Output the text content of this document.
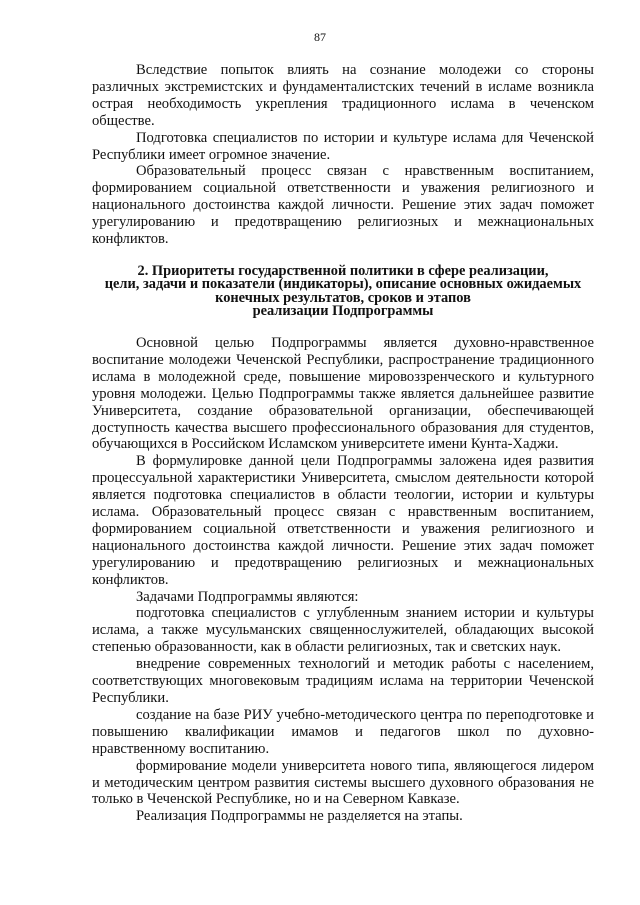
87

Вследствие попыток влиять на сознание молодежи со стороны различных экстремистских и фундаменталистских течений в исламе возникла острая необходимость укрепления традиционного ислама в чеченском обществе.

Подготовка специалистов по истории и культуре ислама для Чеченской Республики имеет огромное значение.

Образовательный процесс связан с нравственным воспитанием, формированием социальной ответственности и уважения религиозного и национального достоинства каждой личности. Решение этих задач поможет урегулированию и предотвращению религиозных и межнациональных конфликтов.

2. Приоритеты государственной политики в сфере реализации,
цели, задачи и показатели (индикаторы), описание основных ожидаемых
конечных результатов, сроков и этапов
реализации Подпрограммы

Основной целью Подпрограммы является духовно-нравственное воспитание молодежи Чеченской Республики, распространение традиционного ислама в молодежной среде, повышение мировоззренческого и культурного уровня молодежи. Целью Подпрограммы также является дальнейшее развитие Университета, создание образовательной организации, обеспечивающей доступность качества высшего профессионального образования для студентов, обучающихся в Российском Исламском университете имени Кунта-Хаджи.

В формулировке данной цели Подпрограммы заложена идея развития процессуальной характеристики Университета, смыслом деятельности которой является подготовка специалистов в области теологии, истории и культуры ислама. Образовательный процесс связан с нравственным воспитанием, формированием социальной ответственности и уважения религиозного и национального достоинства каждой личности. Решение этих задач поможет урегулированию и предотвращению религиозных и межнациональных конфликтов.

Задачами Подпрограммы являются:

подготовка специалистов с углубленным знанием истории и культуры ислама, а также мусульманских священнослужителей, обладающих высокой степенью образованности, как в области религиозных, так и светских наук.

внедрение современных технологий и методик работы с населением, соответствующих многовековым традициям ислама на территории Чеченской Республики.

создание на базе РИУ учебно-методического центра по переподготовке и повышению квалификации имамов и педагогов школ по духовно-нравственному воспитанию.

формирование модели университета нового типа, являющегося лидером и методическим центром развития системы высшего духовного образования не только в Чеченской Республике, но и на Северном Кавказе.

Реализация Подпрограммы не разделяется на этапы.
